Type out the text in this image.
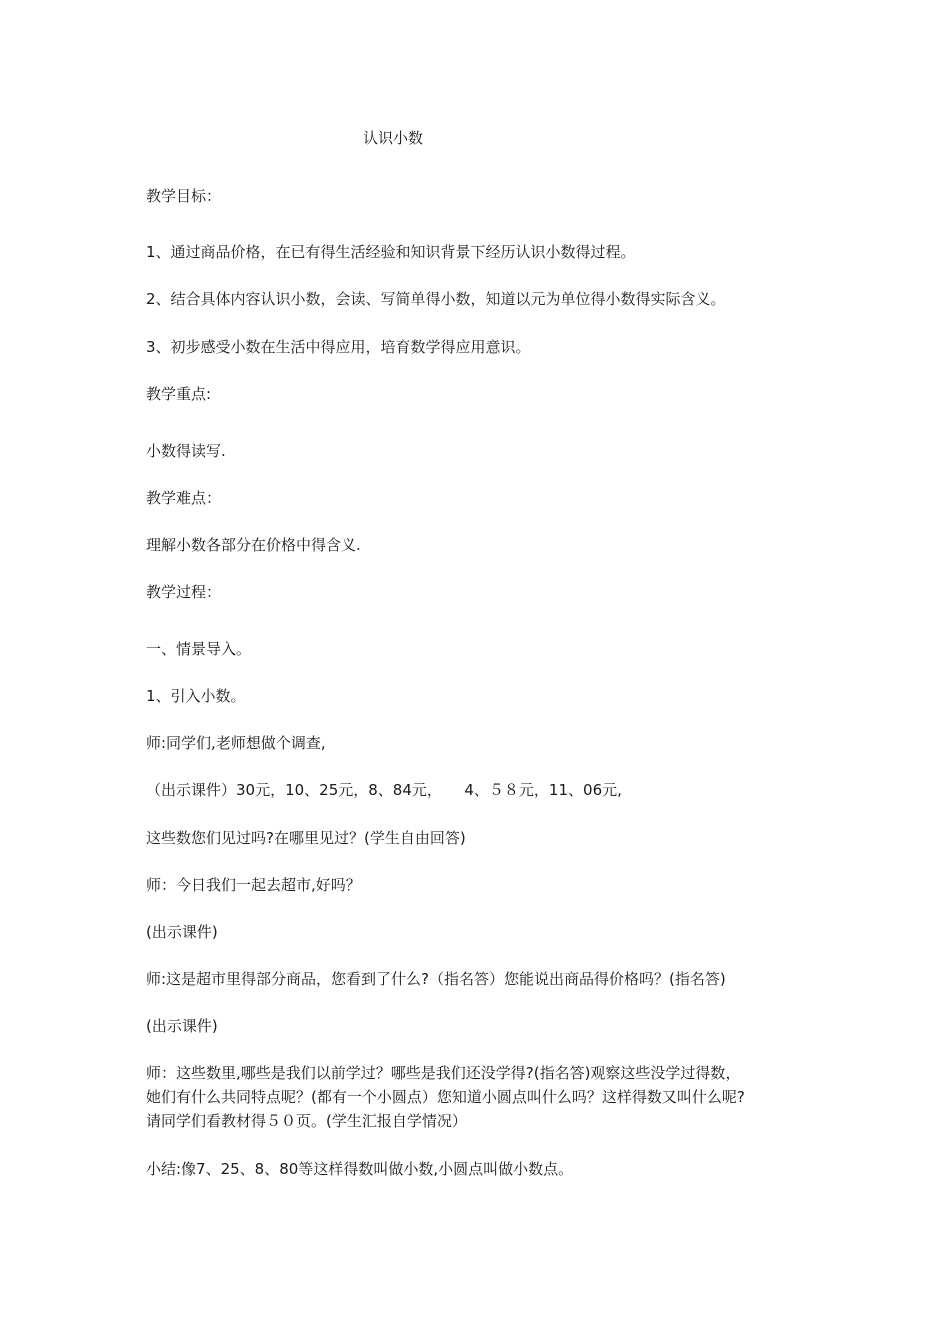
认识小数
教学目标：
1、通过商品价格，在已有得生活经验和知识背景下经历认识小数得过程。
2、结合具体内容认识小数，会读、写简单得小数，知道以元为单位得小数得实际含义。
3、初步感受小数在生活中得应用，培育数学得应用意识。
教学重点:
小数得读写.
教学难点：
理解小数各部分在价格中得含义.
教学过程：
一、情景导入。
1、引入小数。
师:同学们,老师想做个调查,
（出示课件）30元，10、25元，8、84元，　　4、５８元，11、06元,
这些数您们见过吗?在哪里见过？(学生自由回答)
师：今日我们一起去超市,好吗？
(出示课件)
师:这是超市里得部分商品，您看到了什么?（指名答）您能说出商品得价格吗？(指名答)
(出示课件)
师：这些数里,哪些是我们以前学过？哪些是我们还没学得?(指名答)观察这些没学过得数，
她们有什么共同特点呢？(都有一个小圆点）您知道小圆点叫什么吗？这样得数又叫什么呢?
请同学们看教材得５０页。(学生汇报自学情况）
小结:像7、25、8、80等这样得数叫做小数,小圆点叫做小数点。
